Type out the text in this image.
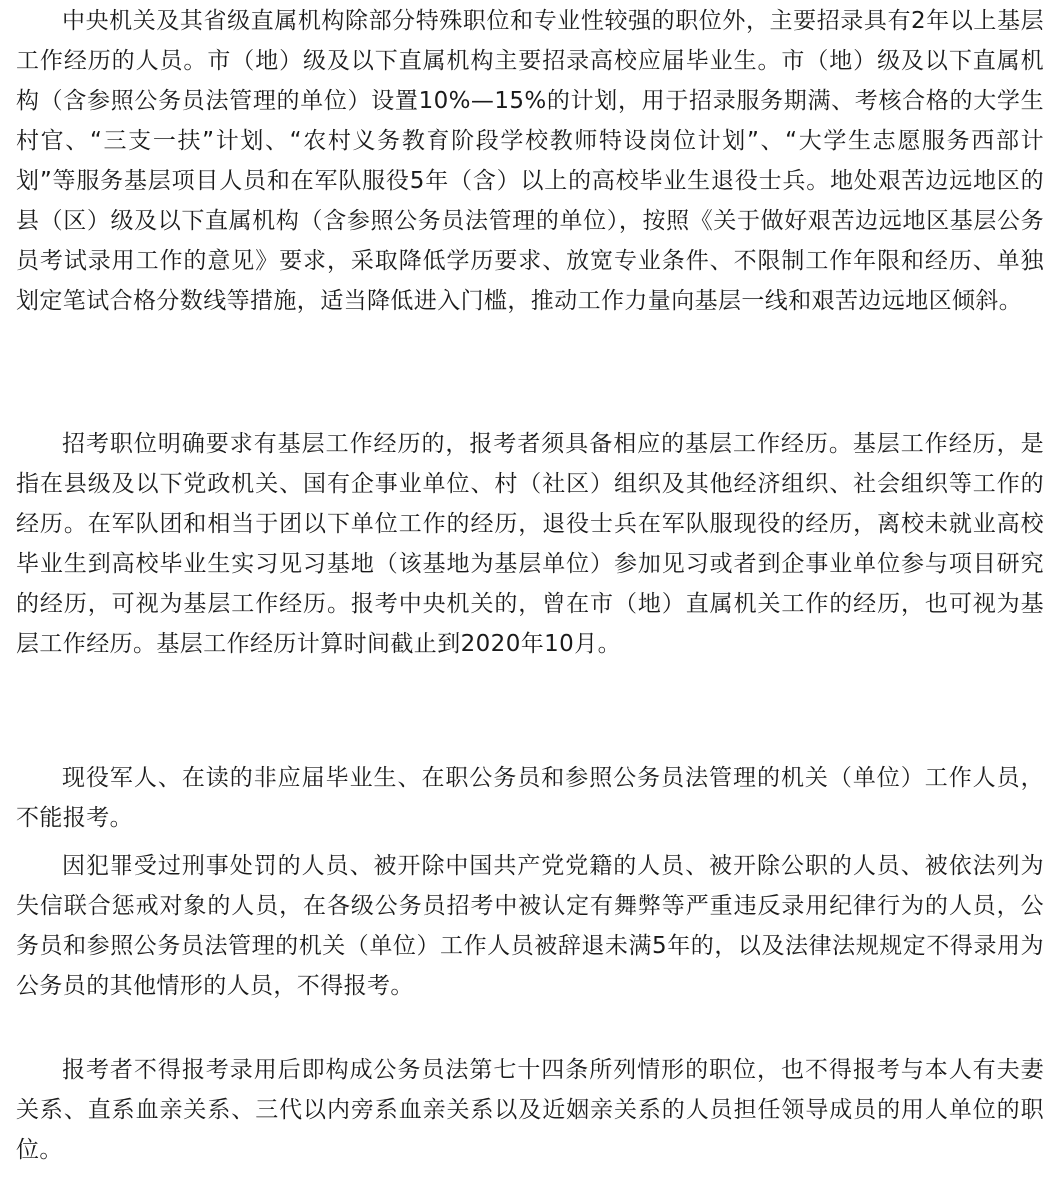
中央机关及其省级直属机构除部分特殊职位和专业性较强的职位外，主要招录具有2年以上基层工作经历的人员。市（地）级及以下直属机构主要招录高校应届毕业生。市（地）级及以下直属机构（含参照公务员法管理的单位）设置10%—15%的计划，用于招录服务期满、考核合格的大学生村官、“三支一扶”计划、“农村义务教育阶段学校教师特设岗位计划”、“大学生志愿服务西部计划”等服务基层项目人员和在军队服役5年（含）以上的高校毕业生退役士兵。地处艰苦边远地区的县（区）级及以下直属机构（含参照公务员法管理的单位），按照《关于做好艰苦边远地区基层公务员考试录用工作的意见》要求，采取降低学历要求、放宽专业条件、不限制工作年限和经历、单独划定笔试合格分数线等措施，适当降低进入门槛，推动工作力量向基层一线和艰苦边远地区倾斜。

招考职位明确要求有基层工作经历的，报考者须具备相应的基层工作经历。基层工作经历，是指在县级及以下党政机关、国有企事业单位、村（社区）组织及其他经济组织、社会组织等工作的经历。在军队团和相当于团以下单位工作的经历，退役士兵在军队服现役的经历，离校未就业高校毕业生到高校毕业生实习见习基地（该基地为基层单位）参加见习或者到企事业单位参与项目研究的经历，可视为基层工作经历。报考中央机关的，曾在市（地）直属机关工作的经历，也可视为基层工作经历。基层工作经历计算时间截止到2020年10月。

现役军人、在读的非应届毕业生、在职公务员和参照公务员法管理的机关（单位）工作人员，不能报考。

因犯罪受过刑事处罚的人员、被开除中国共产党党籍的人员、被开除公职的人员、被依法列为失信联合惩戒对象的人员，在各级公务员招考中被认定有舞弊等严重违反录用纪律行为的人员，公务员和参照公务员法管理的机关（单位）工作人员被辞退未满5年的，以及法律法规规定不得录用为公务员的其他情形的人员，不得报考。

报考者不得报考录用后即构成公务员法第七十四条所列情形的职位，也不得报考与本人有夫妻关系、直系血亲关系、三代以内旁系血亲关系以及近姻亲关系的人员担任领导成员的用人单位的职位。
